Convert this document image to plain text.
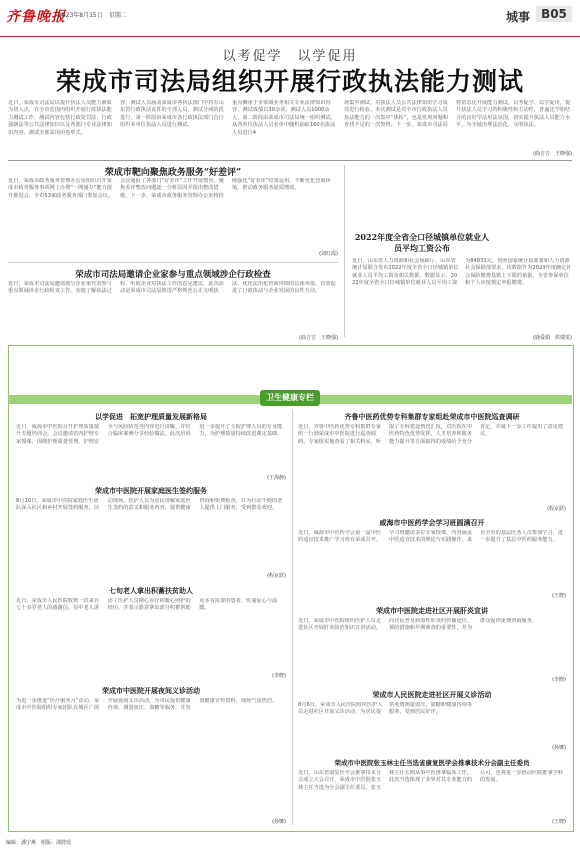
齐鲁晚报
2023年8月15日　星期二	城事 B05
以考促学　以学促用
荣成市司法局组织开展行政执法能力测试
近日，荣成市司法局以提升执法人员能力素质为切入点，在全市范围内组织开展行政执法能力测试工作，测试内容包括行政处罚法、行政强制法等公共法律知识以及各部门专业法律知识内容，测试全部采用闭卷形式。
容，测试人员涵盖荣成市各执法部门中持有山东省行政执法证件的全部人员，测试分两阶段进行，第一阶段由荣成市各行政执法部门自行组织本单位执法人员进行测试。
重点侧重于本领域业务相关专业法律知识内容，测试成绩以30余项，测试人员1000余人，第二阶段由荣成市司法局统一组织测试，从各单位执法人员名单中随机抽取160名执法人员进行4
场集中测试，对执法人员公共法律知识学习成效进行检验。本次测试是对全市行政执法人员执法能力的一次集中“体检”，也是发现问题和查找不足的一次契机。下一步，荣成市司法局
将常态化开展能力测试，以考促学、以学促用，提升执法人员学习的积极性和主动性，普遍比学相结合的良好学法用法氛围，切实提升执法人员能力水平，为全域治理法治化、文明执法。
(曲吉吉　王晓强)
荣成市靶向聚焦政务服务“好差评”
近日，荣成市政务服务管理办公室组织召开荣成市政务服务事项网上办理“一网通办”能力提升推进会，全市53家政务服务部门参加会议。会议通报了各部门“好差评”工作开展情况，聚焦差评整改问题逐一分析原因并提出整改措施。下一步，荣成市政务服务管理办公室将持续强化“好差评”结果运用，不断优化营商环境，推动政务服务提质增效。
(刘红霞)
荣成市司法局邀请企业家参与重点领域涉企行政检查
近日，荣成市司法局邀请部分企业家代表参与重点领域涉企行政检查工作，实地了解执法过程，听取企业对执法工作的意见建议。此次活动是荣成市司法局推进严格规范公正文明执法、优化法治化营商环境的具体举措，有效促进了行政执法与企业发展的良性互动。
(曲吉吉　王晓强)
2022年度全省全口径城镇单位就业人员平均工资公布
近日，山东省人力资源和社会保障厅、山东省统计局联合发布2022年度全省全口径城镇单位就业人员平均工资及相关数据。数据显示，2022年度全省全口径城镇单位就业人员平均工资为84831元，按照国家统计局部署和人力资源社会保障部要求，该数据作为2023年度确定社会保险缴费基数上下限的依据，全省参保单位和个人应按规定申报缴费。
(鹿爱娟　侯瑞雯)
卫生健康专栏
以学促进　拓宽护理质量发展新格局
近日，威海市中医院召开护理质量提升专题培训会。会议邀请省内护理专家授课，围绕护理质量管理、护理安全与风险防范等内容进行讲解，并结合临床案例分享经验做法。此次培训进一步提升了全院护理人员的专业能力，为护理质量持续改进奠定基础。
(王海静)
荣成市中医院开展家庭医生签约服务
8月10日，荣成市中医院家庭医生团队深入社区和乡村开展签约服务。活动现场，医护人员为居民讲解家庭医生签约的意义和服务内容，提供健康咨询和免费检查，并为行动不便的老人提供上门服务，受到群众欢迎。
(程京跃)
七旬老人拿出积蓄扶贫助人
近日，荣成市人民医院收到一封来自七十多岁老人的感谢信。信中老人讲述了医护人员精心诊疗和暖心照护的经历，并表示愿意拿出部分积蓄帮助更多有需要的患者，传递爱心与温暖。
(李晓)
荣成市中医院开展夜间义诊活动
为进一步推进“医疗服务月”活动，荣成市中医院组织专家团队在城区广场开展夜间义诊活动，为市民提供健康咨询、测量血压、血糖等服务，并发放健康宣传资料，现场气氛热烈。
(孙娜)
齐鲁中医药优势专科集群专家组赴荣成市中医院巡查调研
近日，齐鲁中医药优势专科集群专家组一行到荣成市中医院进行巡查调研。专家组实地查看了相关科室，听取了专科建设情况汇报，对医院在中医药特色优势发挥、人才培养和服务能力提升等方面取得的成绩给予充分肯定，并就下一步工作提出了意见建议。
(程京跃)
威海市中医药学会学习班圆满召开
近日，威海市中医药学会第一届中医药适宜技术推广学习班在荣成召开。学习班邀请多位专家授课，内容涵盖中医适宜技术的理论与实践操作，来自全市的基层医务人员参加学习，进一步提升了基层中医药服务能力。
(王晓)
荣成市中医院走进社区开展肝炎宣讲
近日，荣成市中医院组织医护人员走进社区开展肝炎防治知识宣讲活动，向居民普及病毒性肝炎的传播途径、预防措施和早期筛查的重要性，并为群众提供免费咨询服务。
(李晓)
荣成市人民医院走进社区开展义诊活动
8月6日，荣成市人民医院组织医护人员走进社区开展义诊活动，为居民提供免费测量血压、血糖和健康咨询等服务，受到居民好评。
(孙娜)
荣成市中医院张玉林主任当选省康复医学会推拿技术分会副主任委员
近日，山东省康复医学会推拿技术分会成立大会召开，荣成市中医院张玉林主任当选为分会副主任委员。张玉林主任长期从事中医推拿临床工作，此次当选体现了业界对其专业能力的认可，也将进一步推动医院推拿学科的发展。
(王晓)
编辑：潘宁燕　组版：邵舒瑶
